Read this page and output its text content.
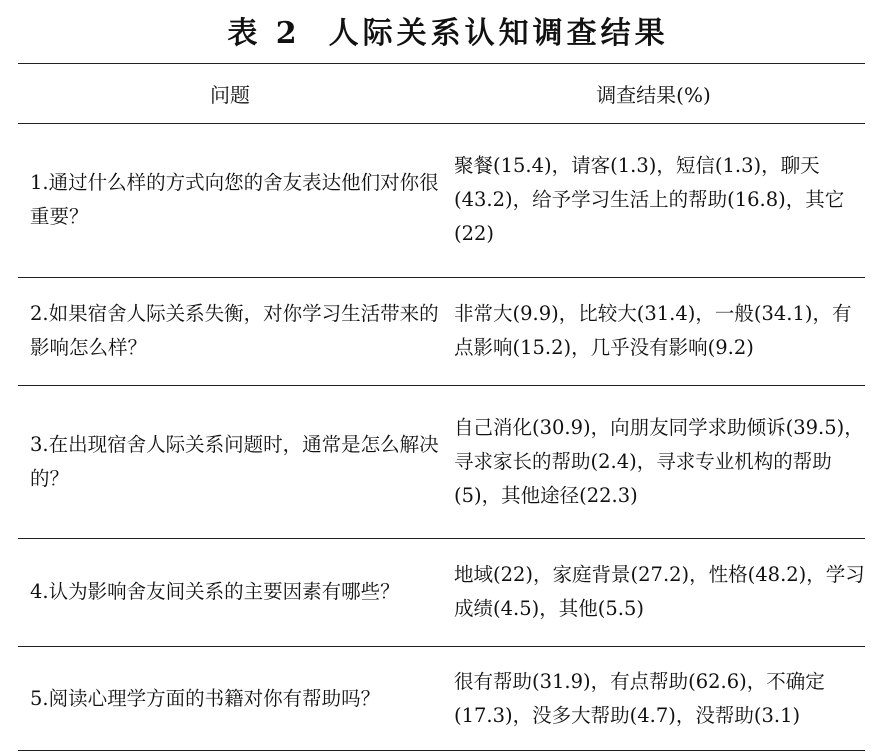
表 2 人际关系认知调查结果
问题	调查结果(%)
1.通过什么样的方式向您的舍友表达他们对你很重要？
聚餐(15.4)，请客(1.3)，短信(1.3)，聊天(43.2)，给予学习生活上的帮助(16.8)，其它(22)
2.如果宿舍人际关系失衡，对你学习生活带来的影响怎么样？
非常大(9.9)，比较大(31.4)，一般(34.1)，有点影响(15.2)，几乎没有影响(9.2)
3.在出现宿舍人际关系问题时，通常是怎么解决的？
自己消化(30.9)，向朋友同学求助倾诉(39.5)，寻求家长的帮助(2.4)，寻求专业机构的帮助(5)，其他途径(22.3)
4.认为影响舍友间关系的主要因素有哪些？
地域(22)，家庭背景(27.2)，性格(48.2)，学习成绩(4.5)，其他(5.5)
5.阅读心理学方面的书籍对你有帮助吗？
很有帮助(31.9)，有点帮助(62.6)，不确定(17.3)，没多大帮助(4.7)，没帮助(3.1)
